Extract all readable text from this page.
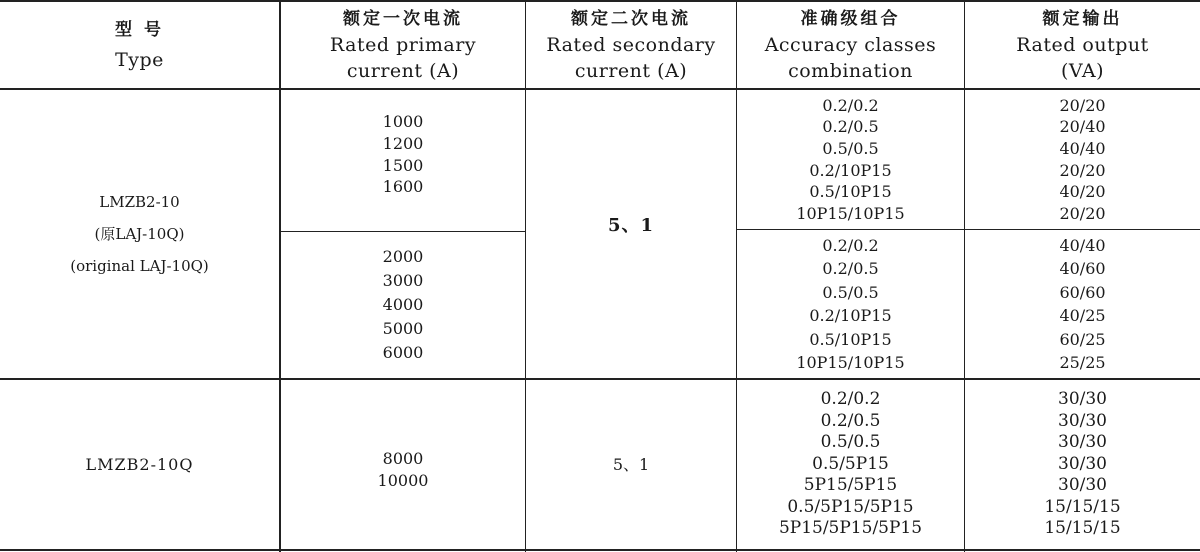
型 号
Type
额定一次电流
Rated primary
current (A)
额定二次电流
Rated secondary
current (A)
准确级组合
Accuracy classes
combination
额定输出
Rated output
(VA)
LMZB2-10
(原LAJ-10Q)
(original LAJ-10Q)
1000
1200
1500
1600
2000
3000
4000
5000
6000
5、1
0.2/0.2
0.2/0.5
0.5/0.5
0.2/10P15
0.5/10P15
10P15/10P15
0.2/0.2
0.2/0.5
0.5/0.5
0.2/10P15
0.5/10P15
10P15/10P15
20/20
20/40
40/40
20/20
40/20
20/20
40/40
40/60
60/60
40/25
60/25
25/25
LMZB2-10Q	8000
10000
5、1
0.2/0.2
0.2/0.5
0.5/0.5
0.5/5P15
5P15/5P15
0.5/5P15/5P15
5P15/5P15/5P15
30/30
30/30
30/30
30/30
30/30
15/15/15
15/15/15
